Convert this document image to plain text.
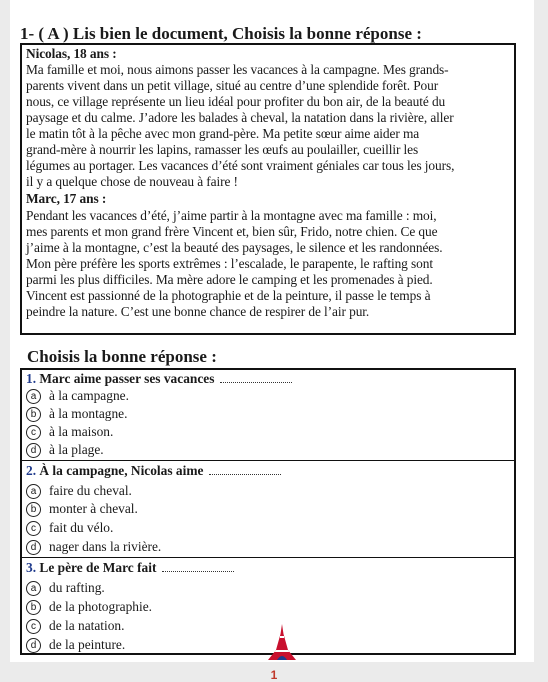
1- ( A ) Lis bien le document, Choisis la bonne réponse :
Nicolas, 18 ans :
Ma famille et moi, nous aimons passer les vacances à la campagne. Mes grands-
parents vivent dans un petit village, situé au centre d’une splendide forêt. Pour
nous, ce village représente un lieu idéal pour profiter du bon air, de la beauté du
paysage et du calme. J’adore les balades à cheval, la natation dans la rivière, aller
le matin tôt à la pêche avec mon grand-père. Ma petite sœur aime aider ma
grand-mère à nourrir les lapins, ramasser les œufs au poulailler, cueillir les
légumes au portager. Les vacances d’été sont vraiment géniales car tous les jours,
il y a quelque chose de nouveau à faire !
Marc, 17 ans :
Pendant les vacances d’été, j’aime partir à la montagne avec ma famille : moi,
mes parents et mon grand frère Vincent et, bien sûr, Frido, notre chien. Ce que
j’aime à la montagne, c’est la beauté des paysages, le silence et les randonnées.
Mon père préfère les sports extrêmes : l’escalade, le parapente, le rafting sont
parmi les plus difficiles. Ma mère adore le camping et les promenades à pied.
Vincent est passionné de la photographie et de la peinture, il passe le temps à
peindre la nature. C’est une bonne chance de respirer de l’air pur.
Choisis la bonne réponse :
1. Marc aime passer ses vacances
a à la campagne.
b à la montagne.
c à la maison.
d à la plage.
2. À la campagne, Nicolas aime
a faire du cheval.
b monter à cheval.
c fait du vélo.
d nager dans la rivière.
3. Le père de Marc fait
a du rafting.
b de la photographie.
c de la natation.
d de la peinture.
1
